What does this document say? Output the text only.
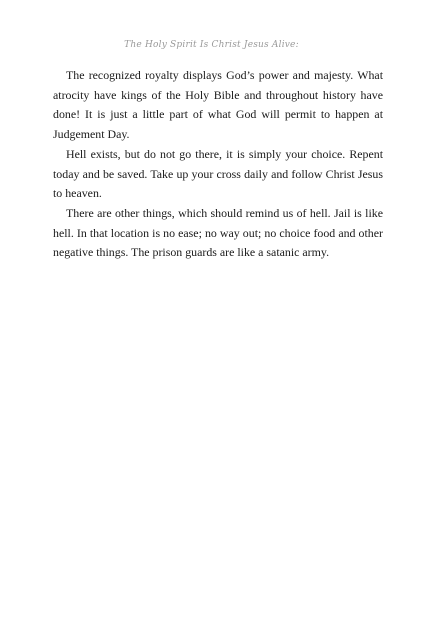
The Holy Spirit Is Christ Jesus Alive:

The recognized royalty displays God’s power and majesty. What atrocity have kings of the Holy Bible and throughout history have done! It is just a little part of what God will permit to happen at Judgement Day.

Hell exists, but do not go there, it is simply your choice. Repent today and be saved. Take up your cross daily and follow Christ Jesus to heaven.

There are other things, which should remind us of hell. Jail is like hell. In that location is no ease; no way out; no choice food and other negative things. The prison guards are like a satanic army.
